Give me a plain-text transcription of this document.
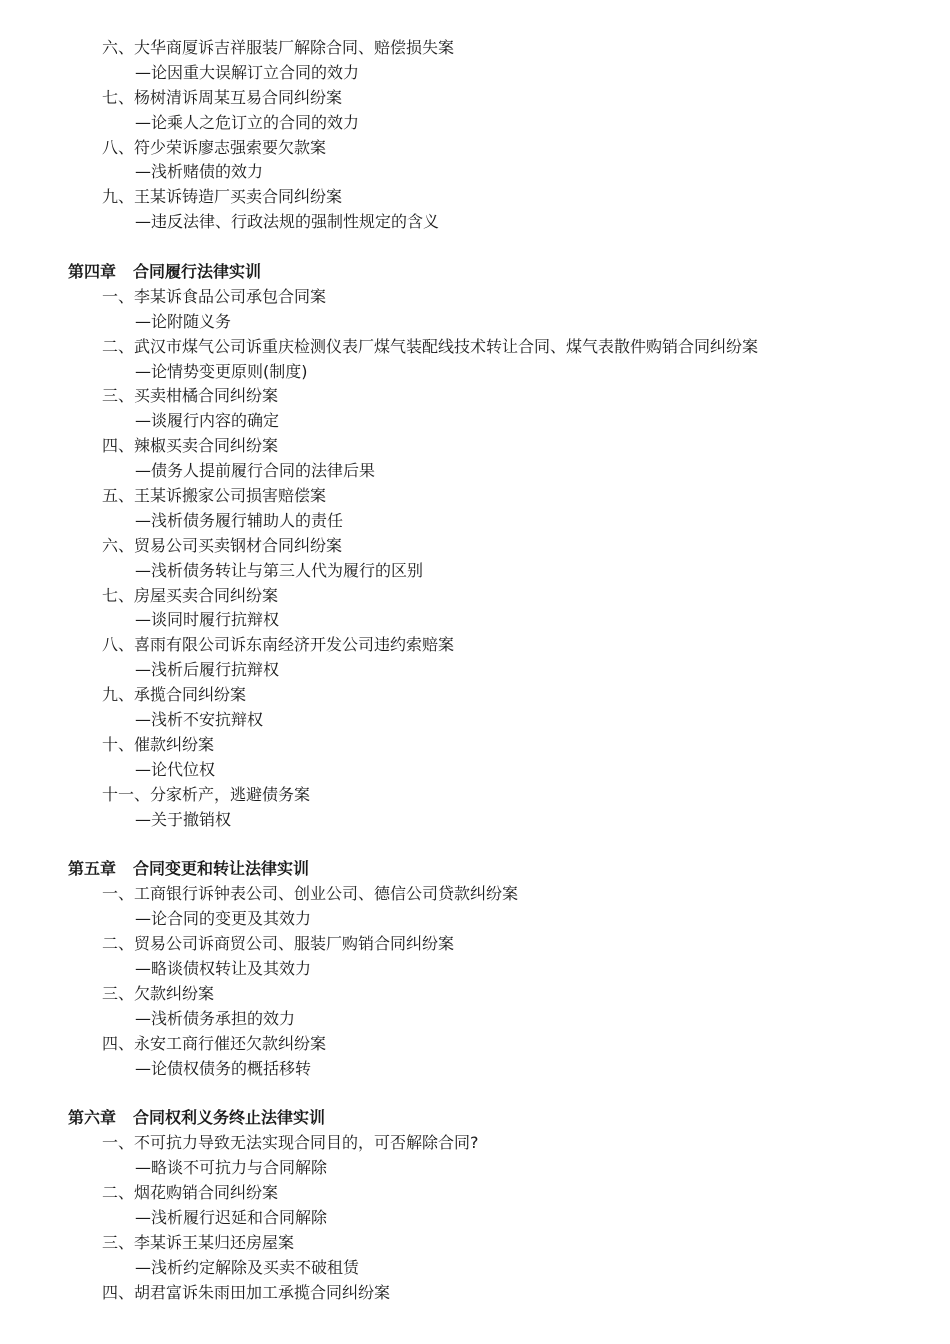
六、大华商厦诉吉祥服装厂解除合同、赔偿损失案
—论因重大误解订立合同的效力
七、杨树清诉周某互易合同纠纷案
—论乘人之危订立的合同的效力
八、符少荣诉廖志强索要欠款案
—浅析赌债的效力
九、王某诉铸造厂买卖合同纠纷案
—违反法律、行政法规的强制性规定的含义
第四章 合同履行法律实训
一、李某诉食品公司承包合同案
—论附随义务
二、武汉市煤气公司诉重庆检测仪表厂煤气装配线技术转让合同、煤气表散件购销合同纠纷案
—论情势变更原则(制度)
三、买卖柑橘合同纠纷案
—谈履行内容的确定
四、辣椒买卖合同纠纷案
—债务人提前履行合同的法律后果
五、王某诉搬家公司损害赔偿案
—浅析债务履行辅助人的责任
六、贸易公司买卖钢材合同纠纷案
—浅析债务转让与第三人代为履行的区别
七、房屋买卖合同纠纷案
—谈同时履行抗辩权
八、喜雨有限公司诉东南经济开发公司违约索赔案
—浅析后履行抗辩权
九、承揽合同纠纷案
—浅析不安抗辩权
十、催款纠纷案
—论代位权
十一、分家析产，逃避债务案
—关于撤销权
第五章 合同变更和转让法律实训
一、工商银行诉钟表公司、创业公司、德信公司贷款纠纷案
—论合同的变更及其效力
二、贸易公司诉商贸公司、服装厂购销合同纠纷案
—略谈债权转让及其效力
三、欠款纠纷案
—浅析债务承担的效力
四、永安工商行催还欠款纠纷案
—论债权债务的概括移转
第六章 合同权利义务终止法律实训
一、不可抗力导致无法实现合同目的，可否解除合同?
—略谈不可抗力与合同解除
二、烟花购销合同纠纷案
—浅析履行迟延和合同解除
三、李某诉王某归还房屋案
—浅析约定解除及买卖不破租赁
四、胡君富诉朱雨田加工承揽合同纠纷案
